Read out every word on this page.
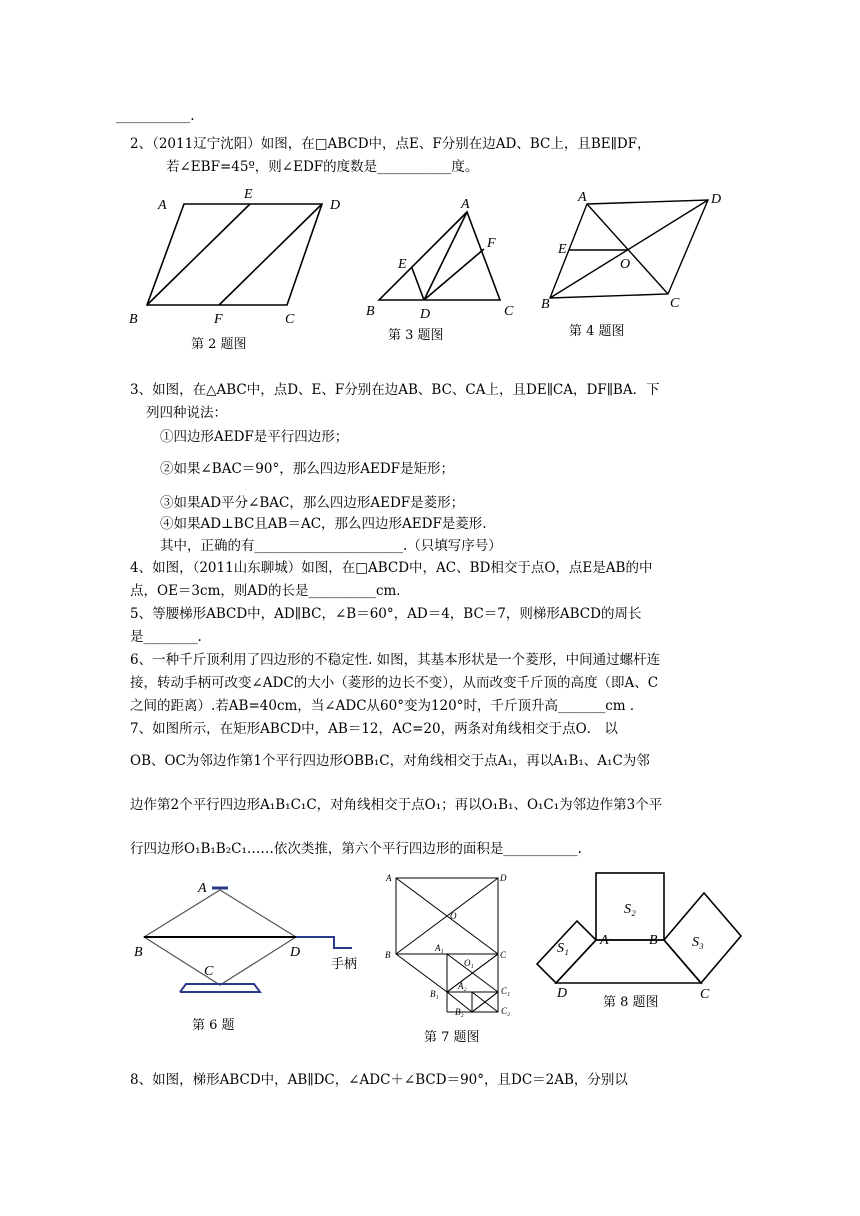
___________.
2、（2011辽宁沈阳）如图，在□ABCD中，点E、F分别在边AD、BC上，且BE∥DF，
若∠EBF=45º，则∠EDF的度数是___________度。
A
E
D
B	F	C
第 2 题图
A
E
F
B	D	C
第 3 题图
A	D
E
O
B	C
第 4 题图
3、如图，在△ABC中，点D、E、F分别在边AB、BC、CA上，且DE∥CA，DF∥BA．下
列四种说法：
①四边形AEDF是平行四边形；
②如果∠BAC＝90°，那么四边形AEDF是矩形；
③如果AD平分∠BAC，那么四边形AEDF是菱形；
④如果AD⊥BC且AB＝AC，那么四边形AEDF是菱形.
其中，正确的有______________________.（只填写序号）
4、如图，（2011山东聊城）如图，在□ABCD中，AC、BD相交于点O，点E是AB的中
点，OE＝3cm，则AD的长是__________cm．
5、等腰梯形ABCD中，AD∥BC，∠B＝60°，AD＝4，BC＝7，则梯形ABCD的周长
是________.
6、一种千斤顶利用了四边形的不稳定性. 如图，其基本形状是一个菱形，中间通过螺杆连
接，转动手柄可改变∠ADC的大小（菱形的边长不变），从而改变千斤顶的高度（即A、C
之间的距离）.若AB=40cm，当∠ADC从60°变为120°时，千斤顶升高_______cm ．
7、如图所示，在矩形ABCD中，AB＝12，AC=20，两条对角线相交于点O． 以
OB、OC为邻边作第1个平行四边形OBB₁C，对角线相交于点A₁，再以A₁B₁、A₁C为邻
边作第2个平行四边形A₁B₁C₁C，对角线相交于点O₁；再以O₁B₁、O₁C₁为邻边作第3个平
行四边形O₁B₁B₂C₁……依次类推，第六个平行四边形的面积是___________.
A
B	D
C	手柄
第 6 题
A	D
O
B
A₁
C
O₁
A₂
B₁	C₁
B₂	C₂
第 7 题图
S₁
S₂
S₃
A	B
D	C
第 8 题图
8、如图，梯形ABCD中，AB∥DC，∠ADC＋∠BCD＝90°，且DC＝2AB，分别以
